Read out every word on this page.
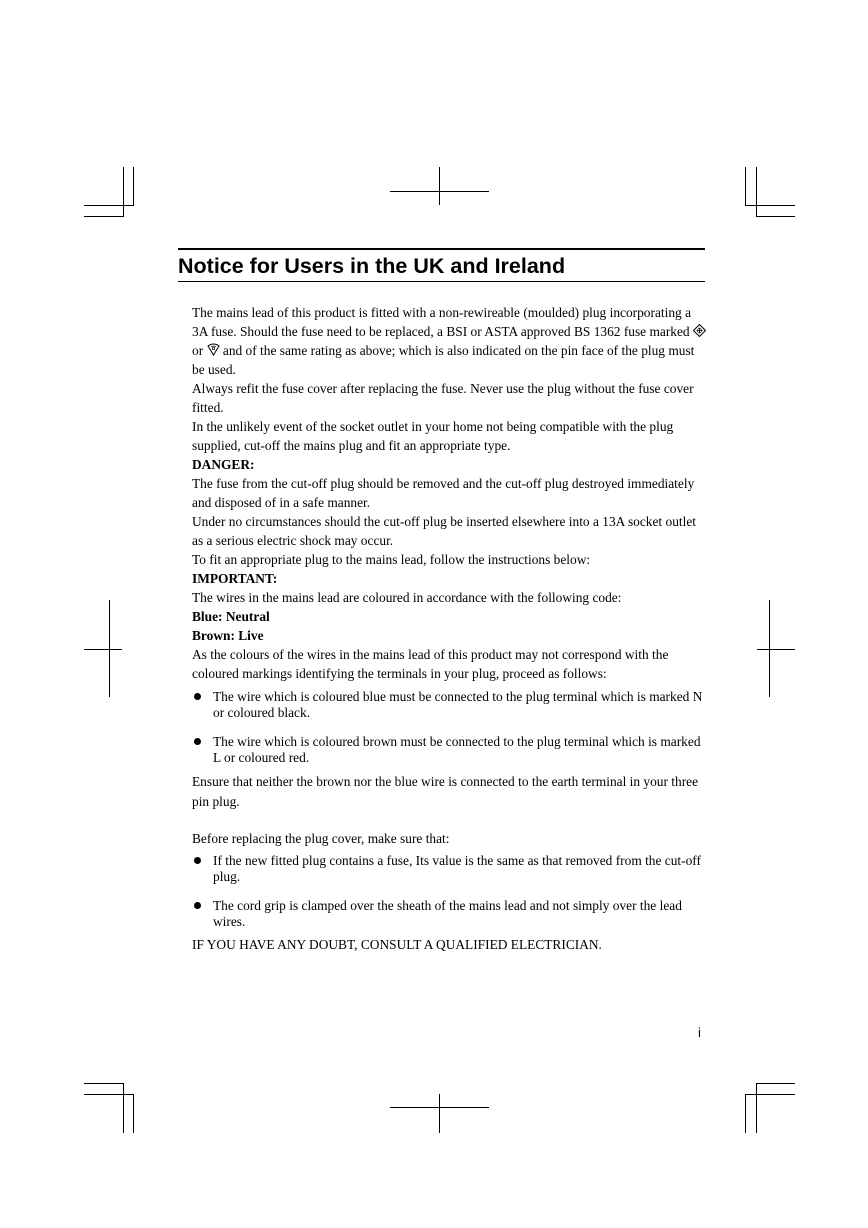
Notice for Users in the UK and Ireland

The mains lead of this product is fitted with a non-rewireable (moulded) plug incorporating a 3A fuse. Should the fuse need to be replaced, a BSI or ASTA approved BS 1362 fuse marked or and of the same rating as above; which is also indicated on the pin face of the plug must be used.

Always refit the fuse cover after replacing the fuse. Never use the plug without the fuse cover fitted.

In the unlikely event of the socket outlet in your home not being compatible with the plug supplied, cut-off the mains plug and fit an appropriate type.

DANGER:

The fuse from the cut-off plug should be removed and the cut-off plug destroyed immediately and disposed of in a safe manner.

Under no circumstances should the cut-off plug be inserted elsewhere into a 13A socket outlet as a serious electric shock may occur.

To fit an appropriate plug to the mains lead, follow the instructions below:

IMPORTANT:

The wires in the mains lead are coloured in accordance with the following code:

Blue: Neutral

Brown: Live

As the colours of the wires in the mains lead of this product may not correspond with the coloured markings identifying the terminals in your plug, proceed as follows:

The wire which is coloured blue must be connected to the plug terminal which is marked N or coloured black.
The wire which is coloured brown must be connected to the plug terminal which is marked L or coloured red.

Ensure that neither the brown nor the blue wire is connected to the earth terminal in your three pin plug.

Before replacing the plug cover, make sure that:

If the new fitted plug contains a fuse, Its value is the same as that removed from the cut-off plug.
The cord grip is clamped over the sheath of the mains lead and not simply over the lead wires.

IF YOU HAVE ANY DOUBT, CONSULT A QUALIFIED ELECTRICIAN.

i
